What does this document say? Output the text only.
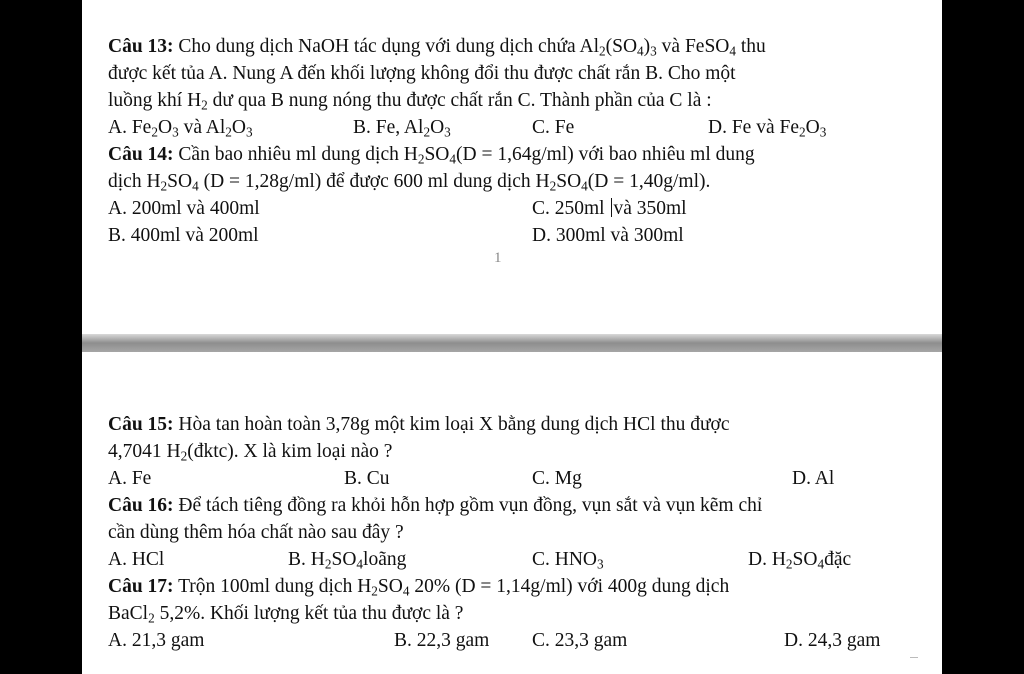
Câu 13: Cho dung dịch NaOH tác dụng với dung dịch chứa $Al_2(SO_4)_3$ và FeSO$_4$ thu
được kết tủa A. Nung A đến khối lượng không đổi thu được chất rắn B. Cho một
luồng khí $H_2$ dư qua B nung nóng thu được chất rắn C. Thành phần của C là :
A. $Fe_2O_3$ và $Al_2O_3$	B. Fe, $Al_2O_3$	C. Fe	D. Fe và $Fe_2O_3$
Câu 14: Cần bao nhiêu ml dung dịch $H_2SO_4(D = 1,64g/ml)$ với bao nhiêu ml dung
dịch $H_2SO_4$ (D = 1,28g/ml) để được 600 ml dung dịch $H_2SO_4(D = 1,40g/ml)$.
A. 200ml và 400ml	C. 250ml và 350ml
B. 400ml và 200ml	D. 300ml và 300ml
1
Câu 15: Hòa tan hoàn toàn 3,78g một kim loại X bằng dung dịch HCl thu được
4,7041 $H_2(đktc)$. X là kim loại nào ?
A. Fe	B. Cu	C. Mg	D. Al
Câu 16: Để tách tiêng đồng ra khỏi hỗn hợp gồm vụn đồng, vụn sắt và vụn kẽm chỉ
cần dùng thêm hóa chất nào sau đây ?
A. HCl	B. $H_2SO_4loãng$	C. $HNO_3$	D. $H_2SO_4đặc$
Câu 17: Trộn 100ml dung dịch $H_2SO_4$ 20% (D = 1,14g/ml) với 400g dung dịch
BaCl$_2$ 5,2%. Khối lượng kết tủa thu được là ?
A. 21,3 gam	B. 22,3 gam C. 23,3 gam	D. 24,3 gam
